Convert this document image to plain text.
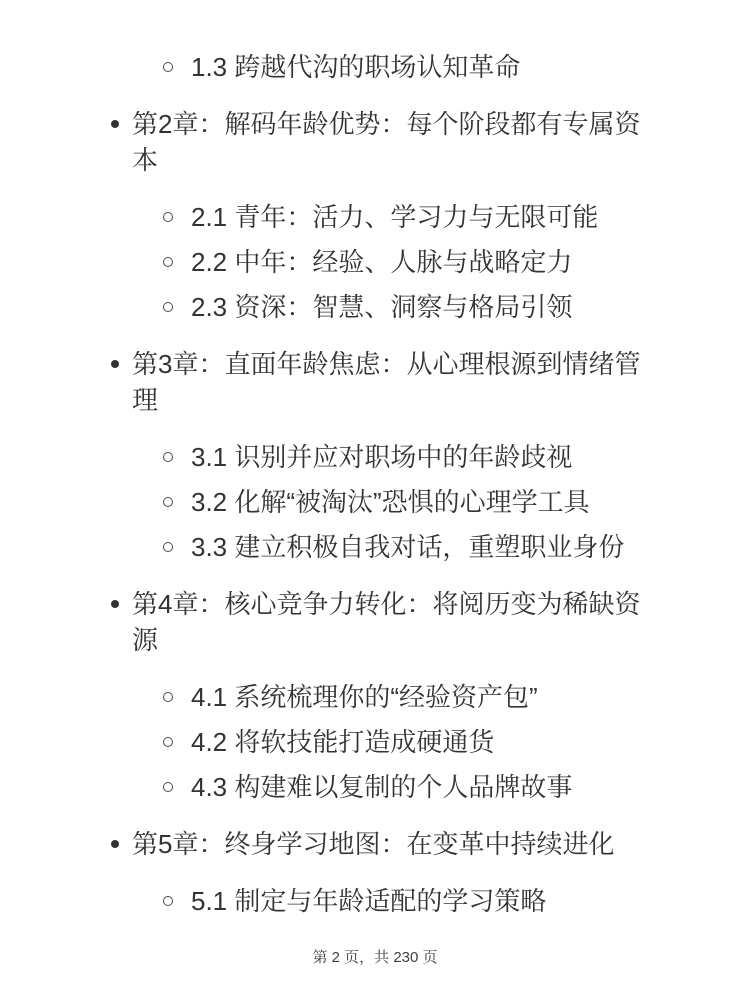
1.3 跨越代沟的职场认知革命
第2章：解码年龄优势：每个阶段都有专属资本
2.1 青年：活力、学习力与无限可能
2.2 中年：经验、人脉与战略定力
2.3 资深：智慧、洞察与格局引领
第3章：直面年龄焦虑：从心理根源到情绪管理
3.1 识别并应对职场中的年龄歧视
3.2 化解“被淘汰”恐惧的心理学工具
3.3 建立积极自我对话，重塑职业身份
第4章：核心竞争力转化：将阅历变为稀缺资源
4.1 系统梳理你的“经验资产包”
4.2 将软技能打造成硬通货
4.3 构建难以复制的个人品牌故事
第5章：终身学习地图：在变革中持续进化
5.1 制定与年龄适配的学习策略
第 2 页，共 230 页
